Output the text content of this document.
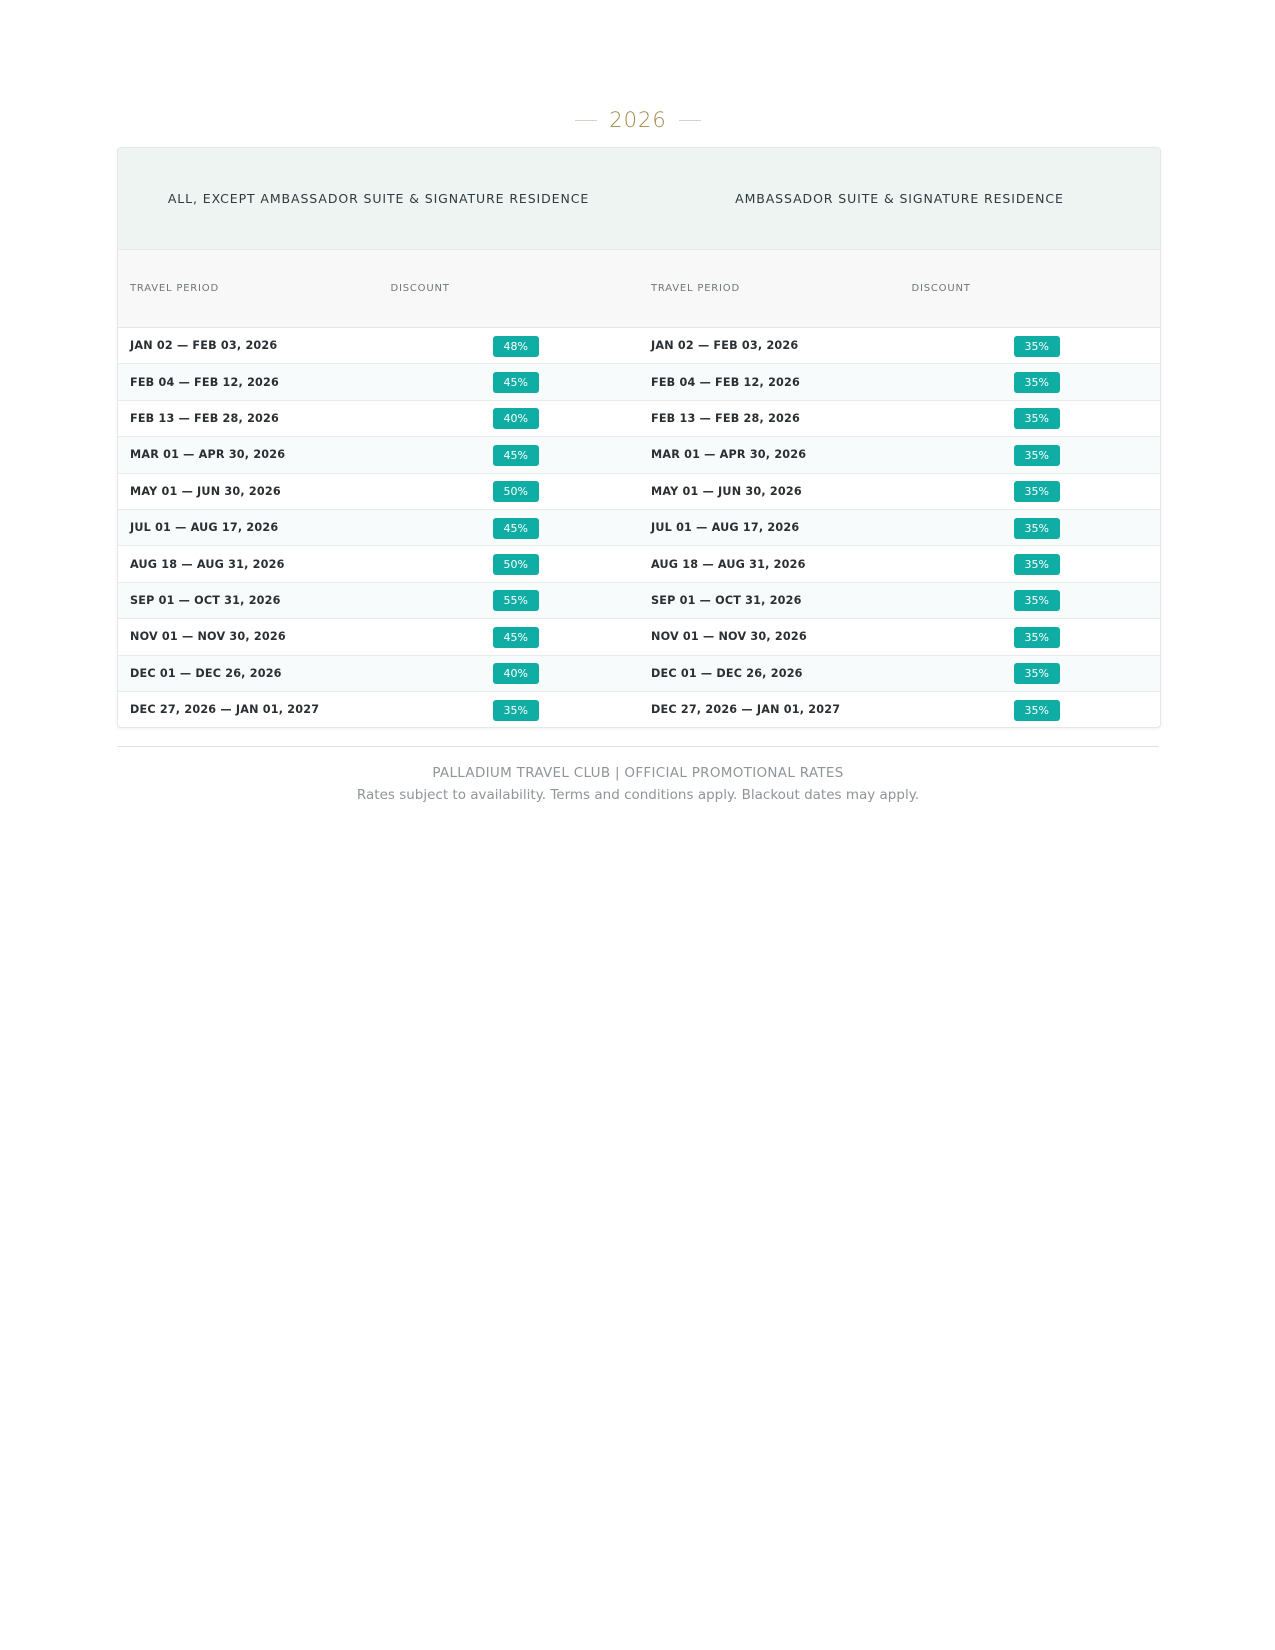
2026
ALL, EXCEPT AMBASSADOR SUITE & SIGNATURE RESIDENCE	AMBASSADOR SUITE & SIGNATURE RESIDENCE
TRAVEL PERIOD	DISCOUNT	TRAVEL PERIOD	DISCOUNT
JAN 02 — FEB 03, 2026	48%	JAN 02 — FEB 03, 2026	35%
FEB 04 — FEB 12, 2026	45%	FEB 04 — FEB 12, 2026	35%
FEB 13 — FEB 28, 2026	40%	FEB 13 — FEB 28, 2026	35%
MAR 01 — APR 30, 2026	45%	MAR 01 — APR 30, 2026	35%
MAY 01 — JUN 30, 2026	50%	MAY 01 — JUN 30, 2026	35%
JUL 01 — AUG 17, 2026	45%	JUL 01 — AUG 17, 2026	35%
AUG 18 — AUG 31, 2026	50%	AUG 18 — AUG 31, 2026	35%
SEP 01 — OCT 31, 2026	55%	SEP 01 — OCT 31, 2026	35%
NOV 01 — NOV 30, 2026	45%	NOV 01 — NOV 30, 2026	35%
DEC 01 — DEC 26, 2026	40%	DEC 01 — DEC 26, 2026	35%
DEC 27, 2026 — JAN 01, 2027	35%	DEC 27, 2026 — JAN 01, 2027	35%
PALLADIUM TRAVEL CLUB | OFFICIAL PROMOTIONAL RATES
Rates subject to availability. Terms and conditions apply. Blackout dates may apply.
